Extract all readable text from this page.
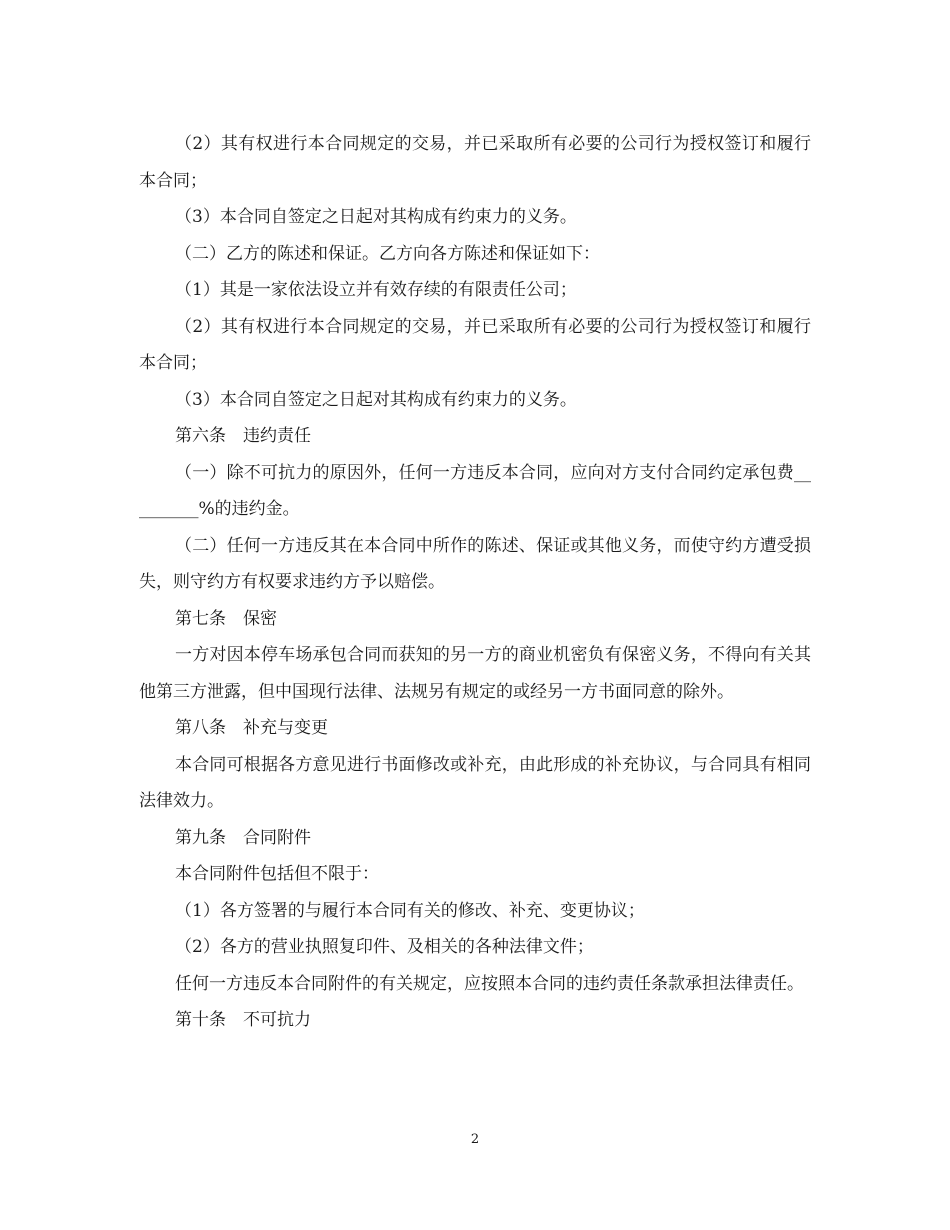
（2）其有权进行本合同规定的交易，并已采取所有必要的公司行为授权签订和履行本合同；

（3）本合同自签定之日起对其构成有约束力的义务。

（二）乙方的陈述和保证。乙方向各方陈述和保证如下：

（1）其是一家依法设立并有效存续的有限责任公司；

（2）其有权进行本合同规定的交易，并已采取所有必要的公司行为授权签订和履行本合同；

（3）本合同自签定之日起对其构成有约束力的义务。

第六条　违约责任

（一）除不可抗力的原因外，任何一方违反本合同，应向对方支付合同约定承包费_________%的违约金。

（二）任何一方违反其在本合同中所作的陈述、保证或其他义务，而使守约方遭受损失，则守约方有权要求违约方予以赔偿。

第七条　保密

一方对因本停车场承包合同而获知的另一方的商业机密负有保密义务，不得向有关其他第三方泄露，但中国现行法律、法规另有规定的或经另一方书面同意的除外。

第八条　补充与变更

本合同可根据各方意见进行书面修改或补充，由此形成的补充协议，与合同具有相同法律效力。

第九条　合同附件

本合同附件包括但不限于：

（1）各方签署的与履行本合同有关的修改、补充、变更协议；

（2）各方的营业执照复印件、及相关的各种法律文件；

任何一方违反本合同附件的有关规定，应按照本合同的违约责任条款承担法律责任。

第十条　不可抗力

2
